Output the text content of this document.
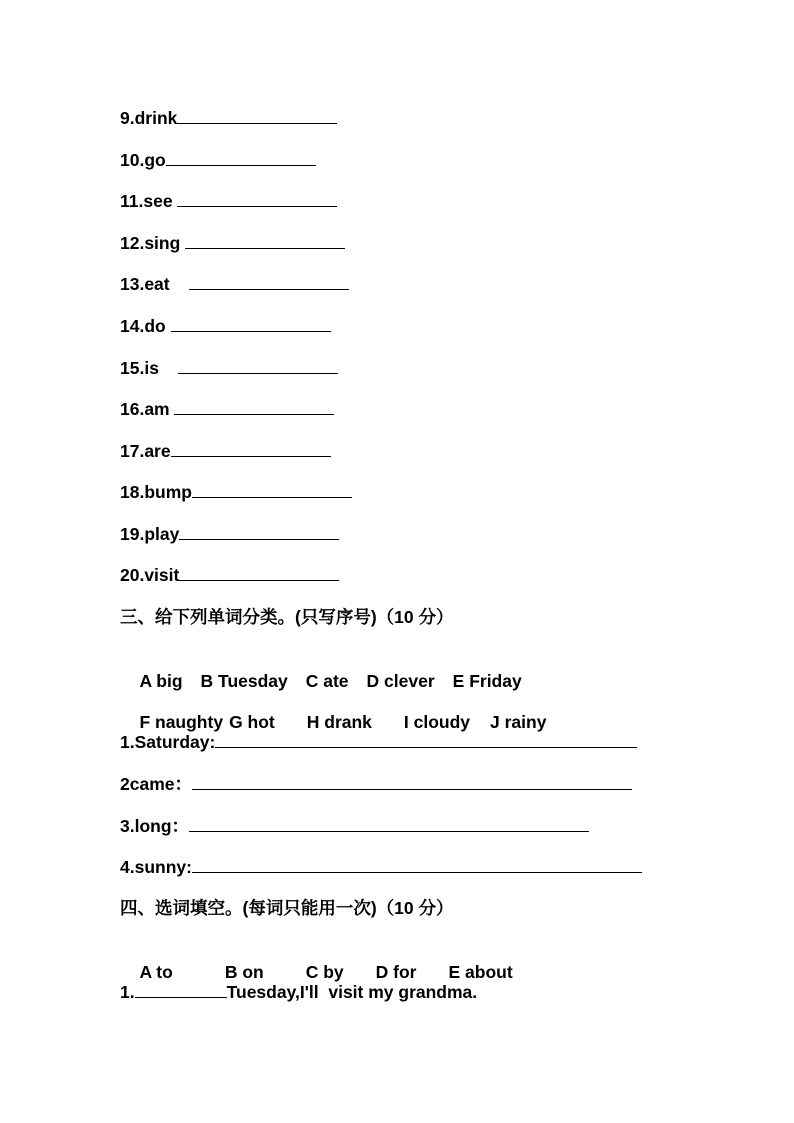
9.drink
10.go
11.see
12.sing
13.eat
14.do
15.is
16.am
17.are
18.bump
19.play
20.visit
三、给下列单词分类。(只写序号)（10 分）

A big B Tuesday C ate D clever E Friday

F naughty G hot H drank I cloudy J rainy

1.Saturday:
2came：
3.long：
4.sunny:
四、选词填空。(每词只能用一次)（10 分）

A to	B on C by D for E about

1.	Tuesday,I'll  visit my grandma.
